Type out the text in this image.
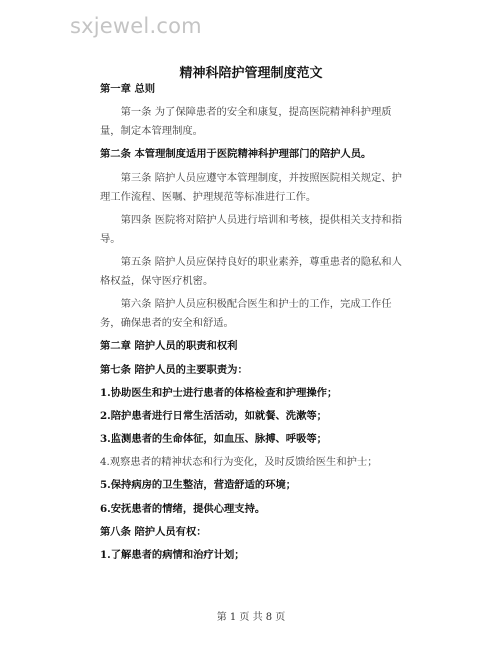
sxjewel.com
精神科陪护管理制度范文
第一章 总则
第一条 为了保障患者的安全和康复，提高医院精神科护理质量，制定本管理制度。
第二条 本管理制度适用于医院精神科护理部门的陪护人员。
第三条 陪护人员应遵守本管理制度，并按照医院相关规定、护理工作流程、医嘱、护理规范等标准进行工作。
第四条 医院将对陪护人员进行培训和考核，提供相关支持和指导。
第五条 陪护人员应保持良好的职业素养，尊重患者的隐私和人格权益，保守医疗机密。
第六条 陪护人员应积极配合医生和护士的工作，完成工作任务，确保患者的安全和舒适。
第二章 陪护人员的职责和权利
第七条 陪护人员的主要职责为：
1.协助医生和护士进行患者的体格检查和护理操作；
2.陪护患者进行日常生活活动，如就餐、洗漱等；
3.监测患者的生命体征，如血压、脉搏、呼吸等；
4.观察患者的精神状态和行为变化，及时反馈给医生和护士；
5.保持病房的卫生整洁，营造舒适的环境；
6.安抚患者的情绪，提供心理支持。
第八条 陪护人员有权：
1.了解患者的病情和治疗计划；
第 1 页 共 8 页
